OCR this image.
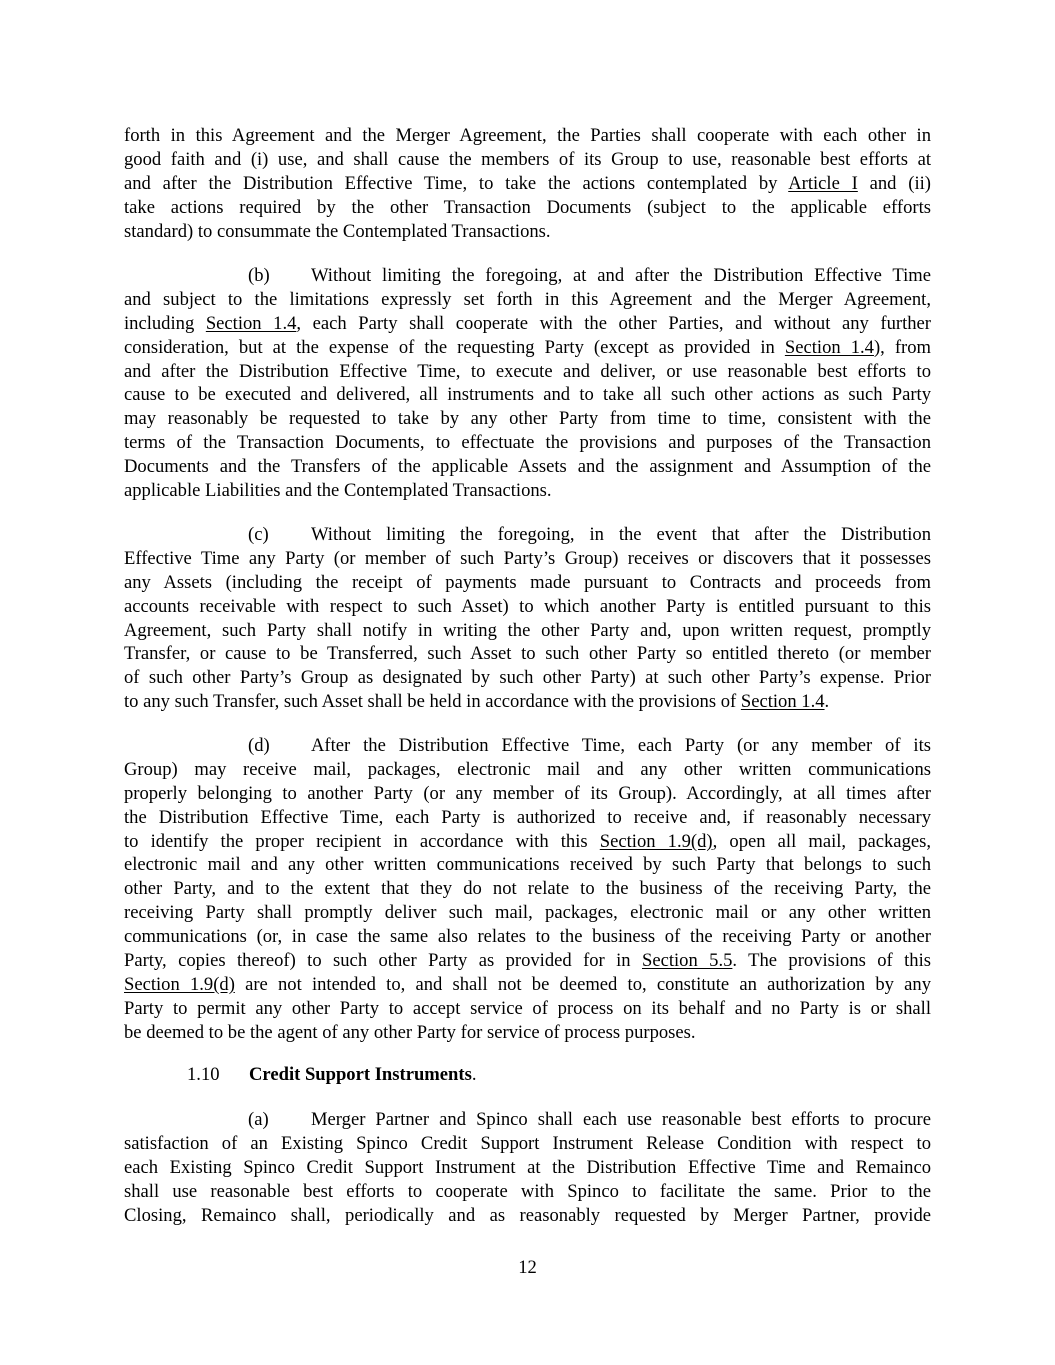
forth in this Agreement and the Merger Agreement, the Parties shall cooperate with each other in
good faith and (i) use, and shall cause the members of its Group to use, reasonable best efforts at
and after the Distribution Effective Time, to take the actions contemplated by Article I and (ii)
take actions required by the other Transaction Documents (subject to the applicable efforts
standard) to consummate the Contemplated Transactions.
(b) Without limiting the foregoing, at and after the Distribution Effective Time
and subject to the limitations expressly set forth in this Agreement and the Merger Agreement,
including Section 1.4, each Party shall cooperate with the other Parties, and without any further
consideration, but at the expense of the requesting Party (except as provided in Section 1.4), from
and after the Distribution Effective Time, to execute and deliver, or use reasonable best efforts to
cause to be executed and delivered, all instruments and to take all such other actions as such Party
may reasonably be requested to take by any other Party from time to time, consistent with the
terms of the Transaction Documents, to effectuate the provisions and purposes of the Transaction
Documents and the Transfers of the applicable Assets and the assignment and Assumption of the
applicable Liabilities and the Contemplated Transactions.
(c) Without limiting the foregoing, in the event that after the Distribution
Effective Time any Party (or member of such Party’s Group) receives or discovers that it possesses
any Assets (including the receipt of payments made pursuant to Contracts and proceeds from
accounts receivable with respect to such Asset) to which another Party is entitled pursuant to this
Agreement, such Party shall notify in writing the other Party and, upon written request, promptly
Transfer, or cause to be Transferred, such Asset to such other Party so entitled thereto (or member
of such other Party’s Group as designated by such other Party) at such other Party’s expense. Prior
to any such Transfer, such Asset shall be held in accordance with the provisions of Section 1.4.
(d) After the Distribution Effective Time, each Party (or any member of its
Group) may receive mail, packages, electronic mail and any other written communications
properly belonging to another Party (or any member of its Group). Accordingly, at all times after
the Distribution Effective Time, each Party is authorized to receive and, if reasonably necessary
to identify the proper recipient in accordance with this Section 1.9(d), open all mail, packages,
electronic mail and any other written communications received by such Party that belongs to such
other Party, and to the extent that they do not relate to the business of the receiving Party, the
receiving Party shall promptly deliver such mail, packages, electronic mail or any other written
communications (or, in case the same also relates to the business of the receiving Party or another
Party, copies thereof) to such other Party as provided for in Section 5.5. The provisions of this
Section 1.9(d) are not intended to, and shall not be deemed to, constitute an authorization by any
Party to permit any other Party to accept service of process on its behalf and no Party is or shall
be deemed to be the agent of any other Party for service of process purposes.
1.10 Credit Support Instruments.
(a) Merger Partner and Spinco shall each use reasonable best efforts to procure
satisfaction of an Existing Spinco Credit Support Instrument Release Condition with respect to
each Existing Spinco Credit Support Instrument at the Distribution Effective Time and Remainco
shall use reasonable best efforts to cooperate with Spinco to facilitate the same. Prior to the
Closing, Remainco shall, periodically and as reasonably requested by Merger Partner, provide
12
